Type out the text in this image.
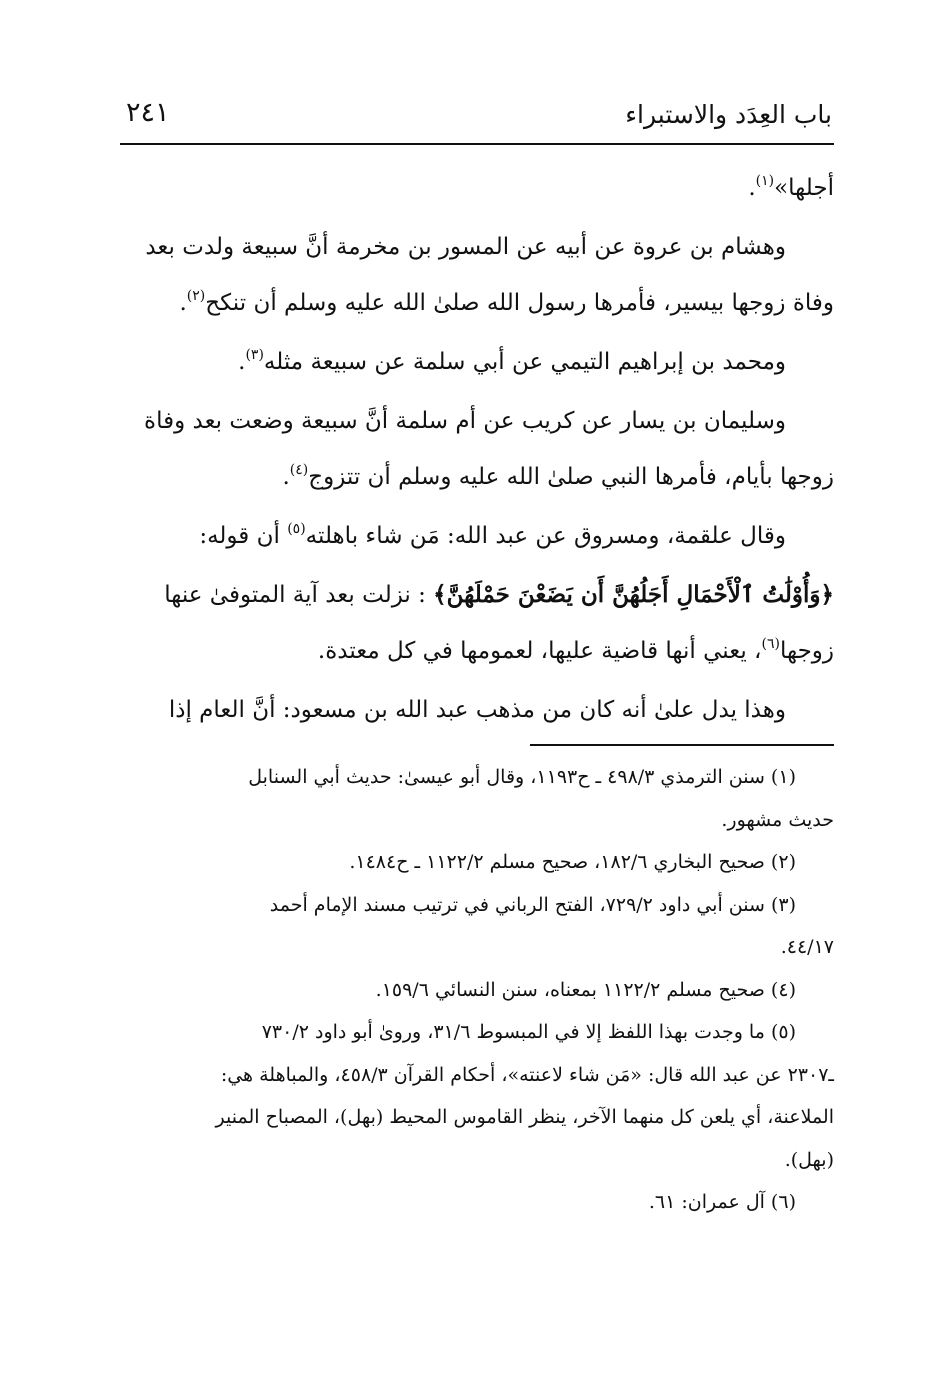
باب العِدَد والاستبراء
٢٤١

أجلها»$^{(١)}$.

وهشام بن عروة عن أبيه عن المسور بن مخرمة أنَّ سبيعة ولدت بعد

وفاة زوجها بيسير، فأمرها رسول الله صلىٰ الله عليه وسلم أن تنكح$^{(٢)}$.

ومحمد بن إبراهيم التيمي عن أبي سلمة عن سبيعة مثله$^{(٣)}$.

وسليمان بن يسار عن كريب عن أم سلمة أنَّ سبيعة وضعت بعد وفاة

زوجها بأيام، فأمرها النبي صلىٰ الله عليه وسلم أن تتزوج$^{(٤)}$.

وقال علقمة، ومسروق عن عبد الله: مَن شاء باهلته$^{(٥)}$ أن قوله:

﴿وَأُوْلَٰتُ ٱلْأَحْمَالِ أَجَلُهُنَّ أَن يَضَعْنَ حَمْلَهُنَّ﴾ : نزلت بعد آية المتوفىٰ عنها

زوجها$^{(٦)}$، يعني أنها قاضية عليها، لعمومها في كل معتدة.

وهذا يدل علىٰ أنه كان من مذهب عبد الله بن مسعود: أنَّ العام إذا

(١) سنن الترمذي ٤٩٨/٣ ـ ح١١٩٣، وقال أبو عيسىٰ: حديث أبي السنابل

حديث مشهور.

(٢) صحيح البخاري ١٨٢/٦، صحيح مسلم ١١٢٢/٢ ـ ح١٤٨٤.

(٣) سنن أبي داود ٧٢٩/٢، الفتح الرباني في ترتيب مسند الإمام أحمد

٤٤/١٧.

(٤) صحيح مسلم ١١٢٢/٢ بمعناه، سنن النسائي ١٥٩/٦.

(٥) ما وجدت بهذا اللفظ إلا في المبسوط ٣١/٦، وروىٰ أبو داود ٧٣٠/٢

ـ٢٣٠٧ عن عبد الله قال: «مَن شاء لاعنته»، أحكام القرآن ٤٥٨/٣، والمباهلة هي:

الملاعنة، أي يلعن كل منهما الآخر، ينظر القاموس المحيط (بهل)، المصباح المنير

(بهل).

(٦) آل عمران: ٦١.
